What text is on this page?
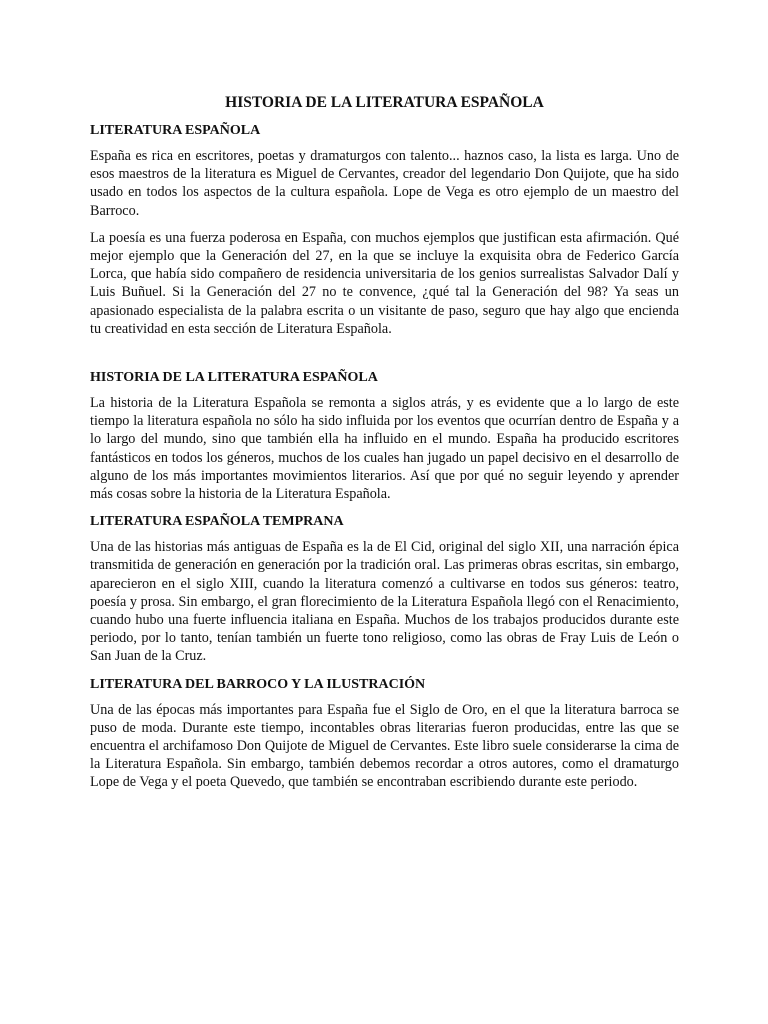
HISTORIA DE LA LITERATURA ESPAÑOLA
LITERATURA ESPAÑOLA

España es rica en escritores, poetas y dramaturgos con talento... haznos caso, la lista es larga. Uno de esos maestros de la literatura es Miguel de Cervantes, creador del legendario Don Quijote, que ha sido usado en todos los aspectos de la cultura española. Lope de Vega es otro ejemplo de un maestro del Barroco.

La poesía es una fuerza poderosa en España, con muchos ejemplos que justifican esta afirmación. Qué mejor ejemplo que la Generación del 27, en la que se incluye la exquisita obra de Federico García Lorca, que había sido compañero de residencia universitaria de los genios surrealistas Salvador Dalí y Luis Buñuel. Si la Generación del 27 no te convence, ¿qué tal la Generación del 98? Ya seas un apasionado especialista de la palabra escrita o un visitante de paso, seguro que hay algo que encienda tu creatividad en esta sección de Literatura Española.

HISTORIA DE LA LITERATURA ESPAÑOLA

La historia de la Literatura Española se remonta a siglos atrás, y es evidente que a lo largo de este tiempo la literatura española no sólo ha sido influida por los eventos que ocurrían dentro de España y a lo largo del mundo, sino que también ella ha influido en el mundo. España ha producido escritores fantásticos en todos los géneros, muchos de los cuales han jugado un papel decisivo en el desarrollo de alguno de los más importantes movimientos literarios. Así que por qué no seguir leyendo y aprender más cosas sobre la historia de la Literatura Española.

LITERATURA ESPAÑOLA TEMPRANA

Una de las historias más antiguas de España es la de El Cid, original del siglo XII, una narración épica transmitida de generación en generación por la tradición oral. Las primeras obras escritas, sin embargo, aparecieron en el siglo XIII, cuando la literatura comenzó a cultivarse en todos sus géneros: teatro, poesía y prosa. Sin embargo, el gran florecimiento de la Literatura Española llegó con el Renacimiento, cuando hubo una fuerte influencia italiana en España. Muchos de los trabajos producidos durante este periodo, por lo tanto, tenían también un fuerte tono religioso, como las obras de Fray Luis de León o San Juan de la Cruz.

LITERATURA DEL BARROCO Y LA ILUSTRACIÓN

Una de las épocas más importantes para España fue el Siglo de Oro, en el que la literatura barroca se puso de moda. Durante este tiempo, incontables obras literarias fueron producidas, entre las que se encuentra el archifamoso Don Quijote de Miguel de Cervantes. Este libro suele considerarse la cima de la Literatura Española. Sin embargo, también debemos recordar a otros autores, como el dramaturgo Lope de Vega y el poeta Quevedo, que también se encontraban escribiendo durante este periodo.
